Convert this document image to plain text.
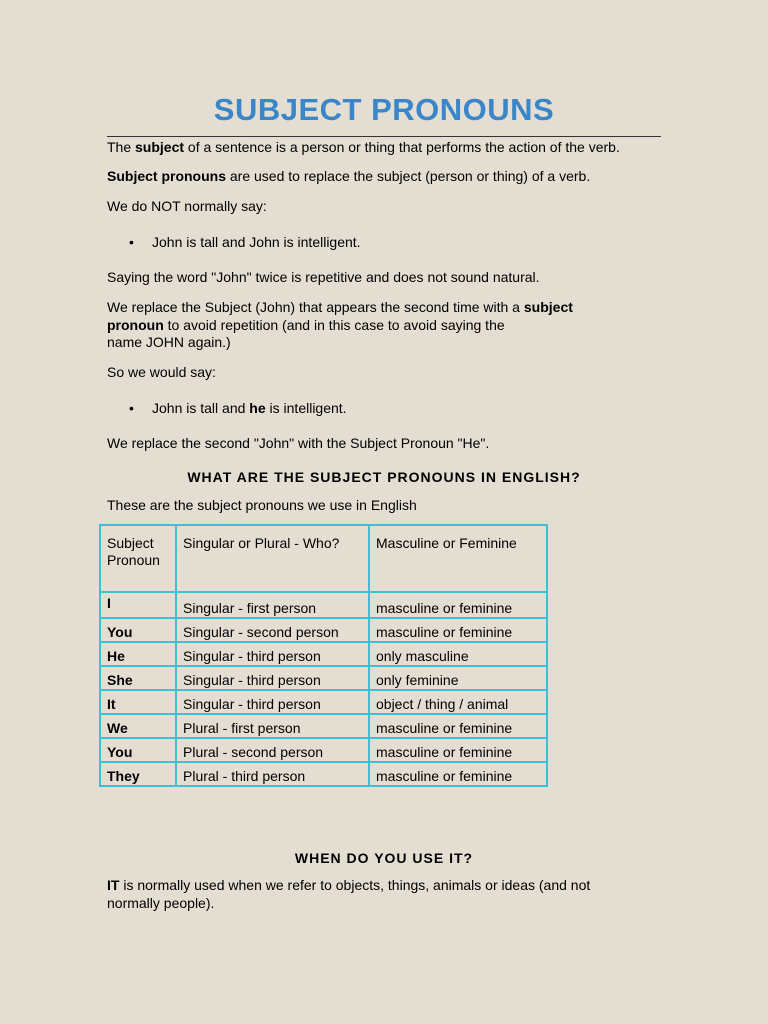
SUBJECT PRONOUNS

The subject of a sentence is a person or thing that performs the action of the verb.

Subject pronouns are used to replace the subject (person or thing) of a verb.

We do NOT normally say:

• John is tall and John is intelligent.

Saying the word "John" twice is repetitive and does not sound natural.

We replace the Subject (John) that appears the second time with a subject
pronoun to avoid repetition (and in this case to avoid saying the
name JOHN again.)

So we would say:

• John is tall and he is intelligent.

We replace the second "John" with the Subject Pronoun "He".

WHAT ARE THE SUBJECT PRONOUNS IN ENGLISH?

These are the subject pronouns we use in English

Subject Pronoun	Singular or Plural - Who?	Masculine or Feminine
I	Singular - first person	masculine or feminine
You	Singular - second person	masculine or feminine
He	Singular - third person	only masculine
She	Singular - third person	only feminine
It	Singular - third person	object / thing / animal
We	Plural - first person	masculine or feminine
You	Plural - second person	masculine or feminine
They	Plural - third person	masculine or feminine
WHEN DO YOU USE IT?

IT is normally used when we refer to objects, things, animals or ideas (and not
normally people).
